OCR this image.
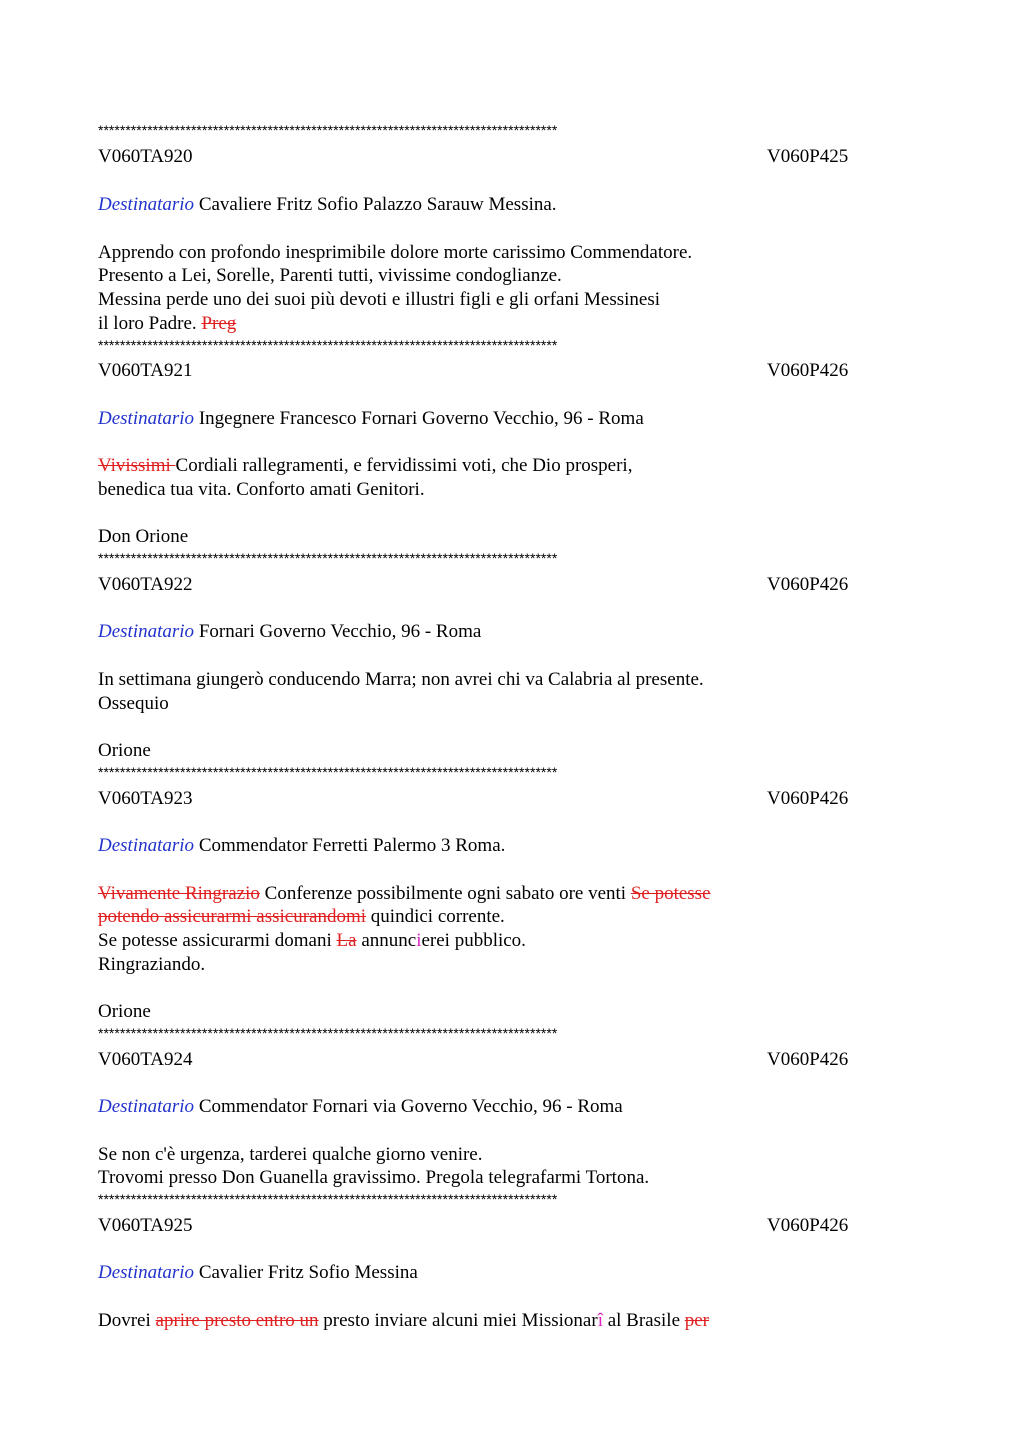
************************************************************************************
V060TA920	V060P425
Destinatario Cavaliere Fritz Sofio Palazzo Sarauw Messina.
Apprendo con profondo inesprimibile dolore morte carissimo Commendatore.
Presento a Lei, Sorelle, Parenti tutti, vivissime condoglianze.
Messina perde uno dei suoi più devoti e illustri figli e gli orfani Messinesi
il loro Padre. Preg
************************************************************************************
V060TA921	V060P426
Destinatario Ingegnere Francesco Fornari Governo Vecchio, 96 - Roma
Vivissimi Cordiali rallegramenti, e fervidissimi voti, che Dio prosperi,
benedica tua vita. Conforto amati Genitori.
Don Orione
************************************************************************************
V060TA922	V060P426
Destinatario Fornari Governo Vecchio, 96 - Roma
In settimana giungerò conducendo Marra; non avrei chi va Calabria al presente.
Ossequio
Orione
************************************************************************************
V060TA923	V060P426
Destinatario Commendator Ferretti Palermo 3 Roma.
Vivamente Ringrazio Conferenze possibilmente ogni sabato ore venti Se potesse
potendo assicurarmi assicurandomi quindici corrente.
Se potesse assicurarmi domani La annuncierei pubblico.
Ringraziando.
Orione
************************************************************************************
V060TA924	V060P426
Destinatario Commendator Fornari via Governo Vecchio, 96 - Roma
Se non c'è urgenza, tarderei qualche giorno venire.
Trovomi presso Don Guanella gravissimo. Pregola telegrafarmi Tortona.
************************************************************************************
V060TA925	V060P426
Destinatario Cavalier Fritz Sofio Messina
Dovrei aprire presto entro un presto inviare alcuni miei Missionarî al Brasile per
